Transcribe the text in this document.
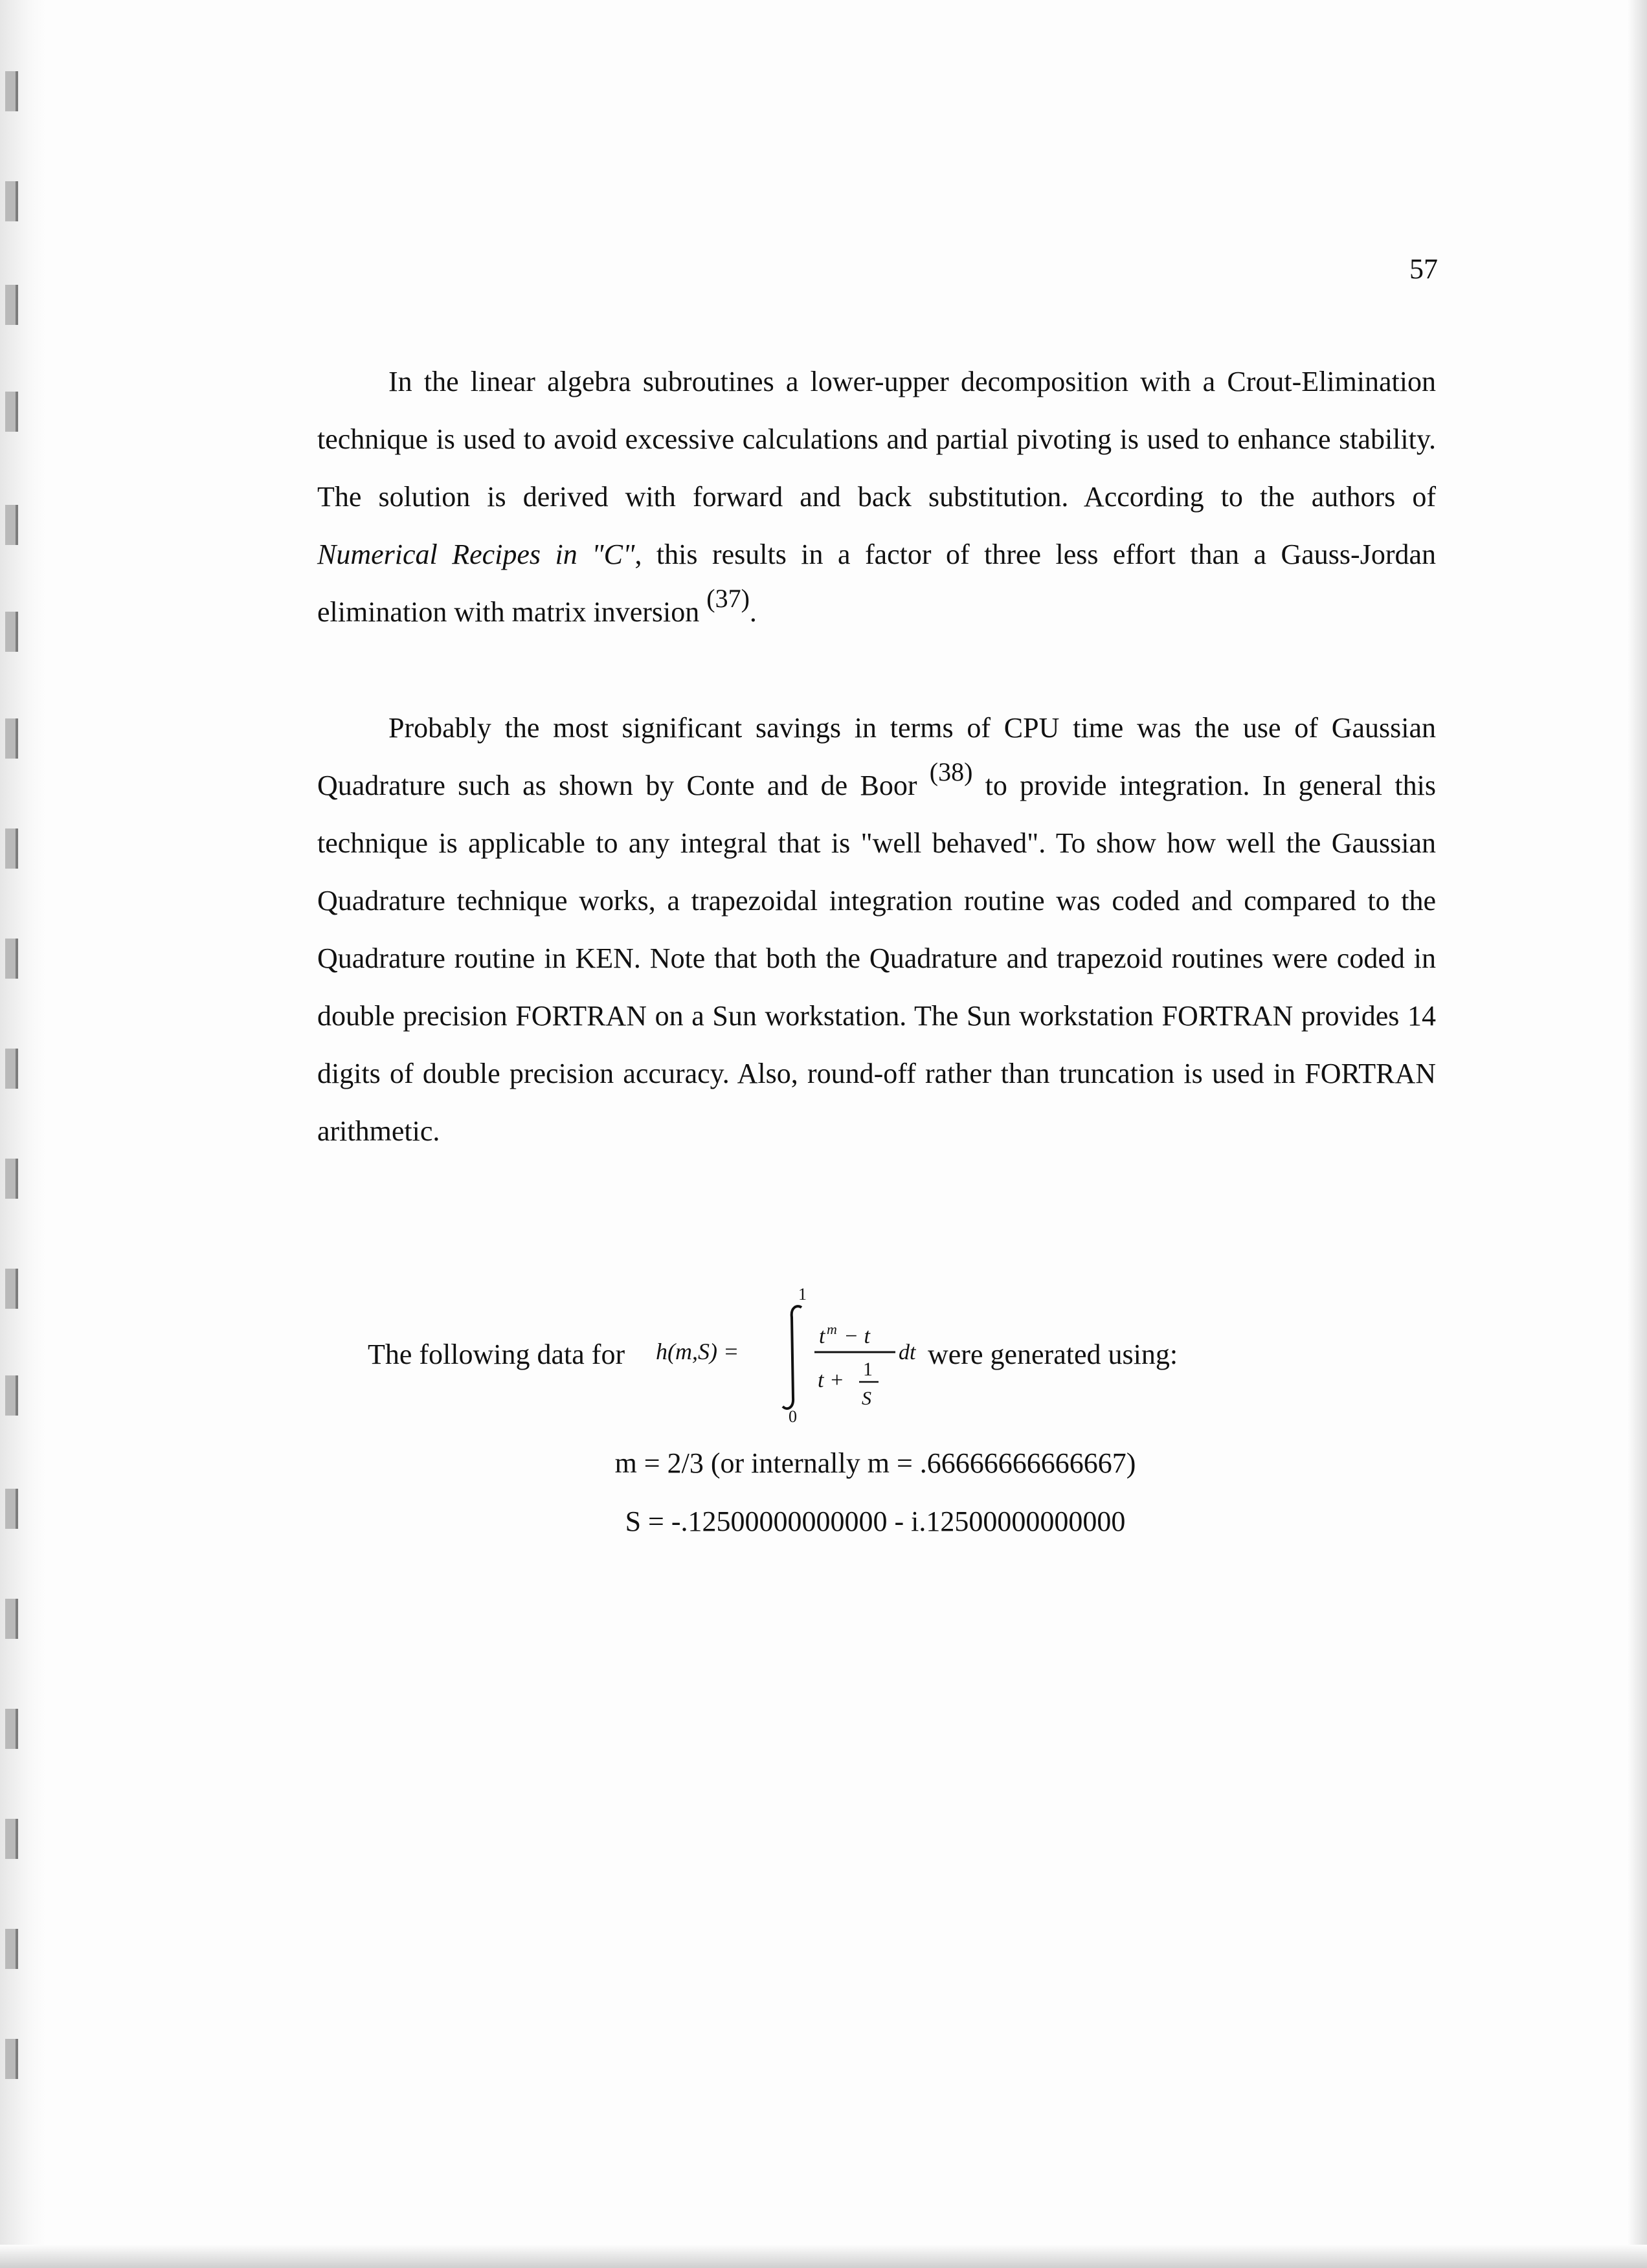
57

In the linear algebra subroutines a lower-upper decomposition with a Crout-Elimination technique is used to avoid excessive calculations and partial pivoting is used to enhance stability. The solution is derived with forward and back substitution. According to the authors of Numerical Recipes in "C", this results in a factor of three less effort than a Gauss-Jordan elimination with matrix inversion (37).

Probably the most significant savings in terms of CPU time was the use of Gaussian Quadrature such as shown by Conte and de Boor (38) to provide integration. In general this technique is applicable to any integral that is "well behaved". To show how well the Gaussian Quadrature technique works, a trapezoidal integration routine was coded and compared to the Quadrature routine in KEN. Note that both the Quadrature and trapezoid routines were coded in double precision FORTRAN on a Sun workstation. The Sun workstation FORTRAN provides 14 digits of double precision accuracy. Also, round-off rather than truncation is used in FORTRAN arithmetic.

The following data for h(m,S) =
1
0
t m − t
t + 1
S
dt were generated using:
m = 2/3 (or internally m = .66666666666667)
S = -.12500000000000 - i.12500000000000
